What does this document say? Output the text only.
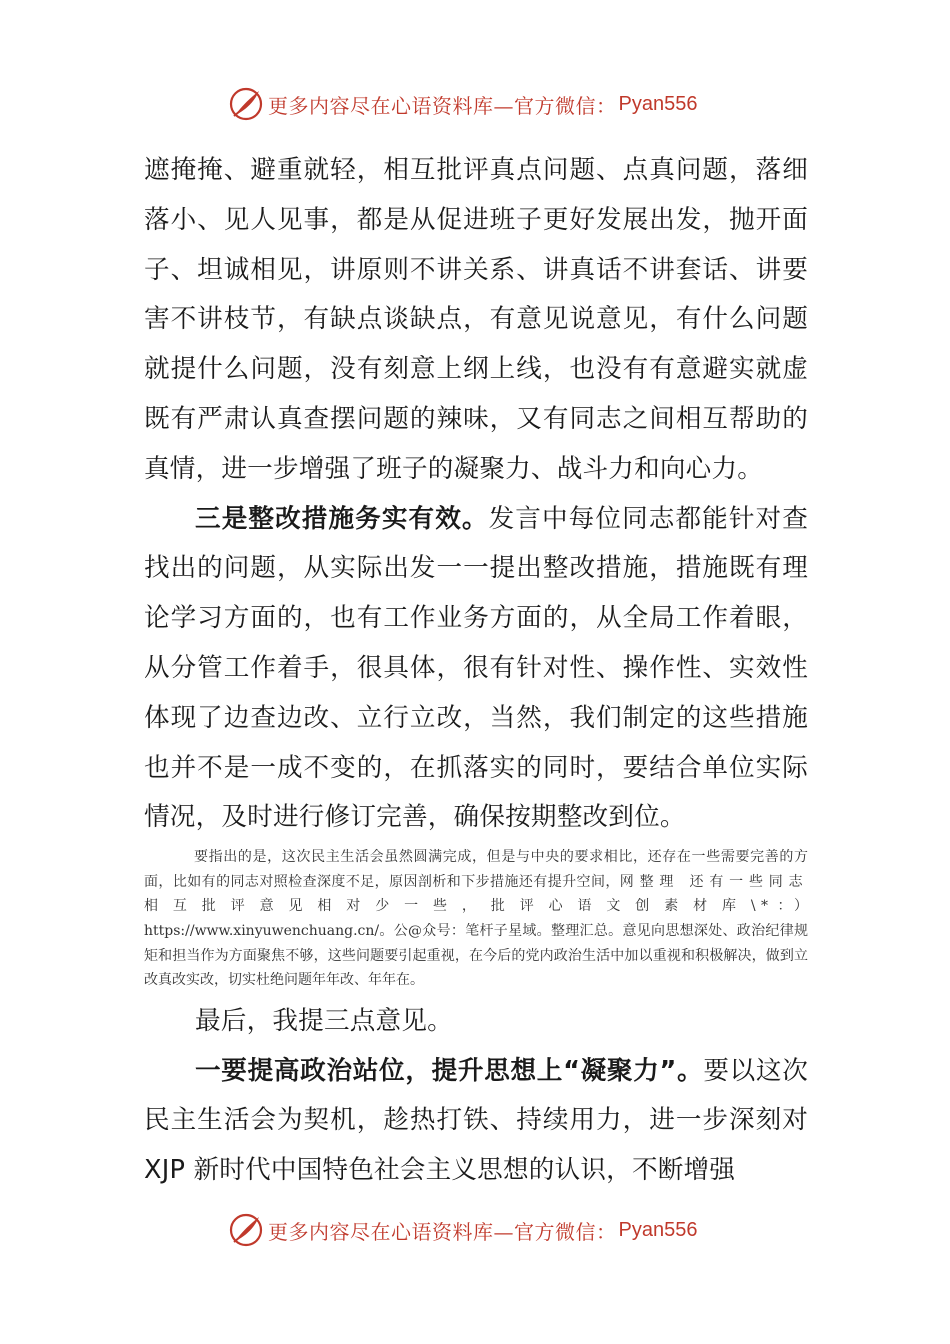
更多内容尽在心语资料库—官方微信： Pyan556

遮掩掩、避重就轻，相互批评真点问题、点真问题，落细落小、见人见事，都是从促进班子更好发展出发，抛开面子、坦诚相见，讲原则不讲关系、讲真话不讲套话、讲要害不讲枝节，有缺点谈缺点，有意见说意见，有什么问题就提什么问题，没有刻意上纲上线，也没有有意避实就虚既有严肃认真查摆问题的辣味，又有同志之间相互帮助的真情，进一步增强了班子的凝聚力、战斗力和向心力。

三是整改措施务实有效。发言中每位同志都能针对查找出的问题，从实际出发一一提出整改措施，措施既有理论学习方面的，也有工作业务方面的，从全局工作着眼，从分管工作着手，很具体，很有针对性、操作性、实效性体现了边查边改、立行立改，当然，我们制定的这些措施也并不是一成不变的，在抓落实的同时，要结合单位实际情况，及时进行修订完善，确保按期整改到位。

要指出的是，这次民主生活会虽然圆满完成，但是与中央的要求相比，还存在一些需要完善的方面，比如有的同志对照检查深度不足，原因剖析和下步措施还有提升空间，网整理 还有一些同志相互批评意见相对少一些，批评心语文创素材库\*：）https://www.xinyuwenchuang.cn/。公@众号：笔杆子星域。整理汇总。意见向思想深处、政治纪律规矩和担当作为方面聚焦不够，这些问题要引起重视，在今后的党内政治生活中加以重视和积极解决，做到立改真改实改，切实杜绝问题年年改、年年在。

最后，我提三点意见。

一要提高政治站位，提升思想上“凝聚力”。要以这次民主生活会为契机，趁热打铁、持续用力，进一步深刻对 XJP 新时代中国特色社会主义思想的认识，不断增强

更多内容尽在心语资料库—官方微信： Pyan556
